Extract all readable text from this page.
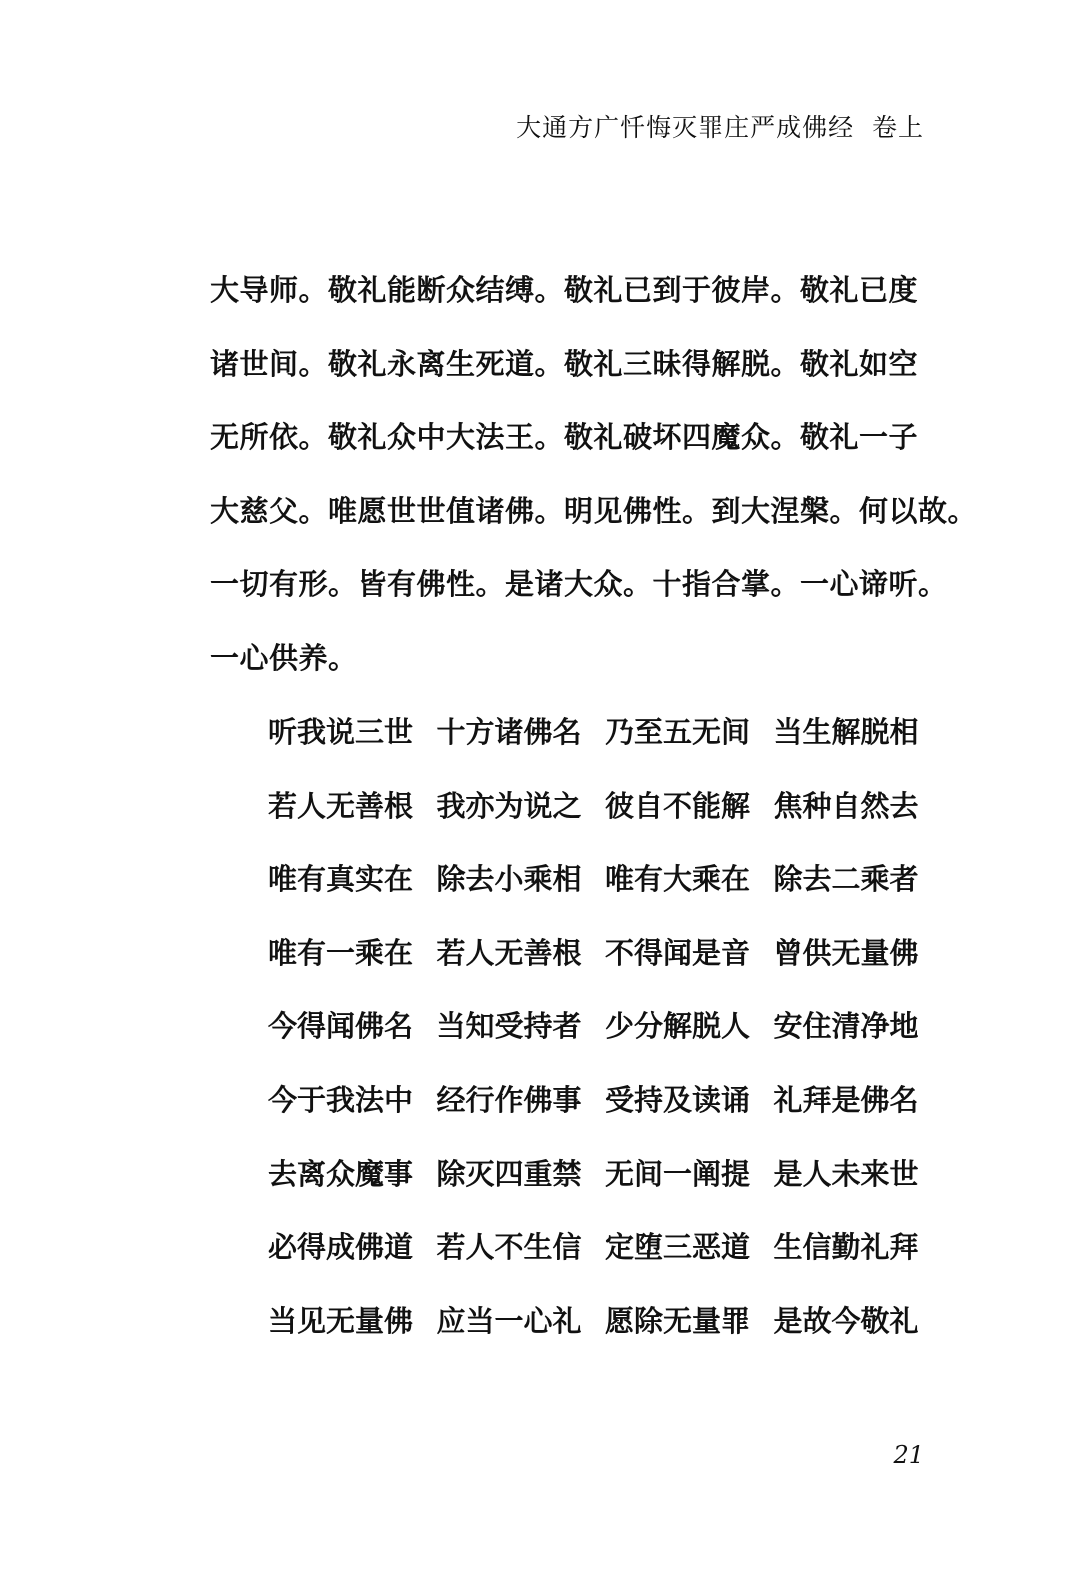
大通方广忏悔灭罪庄严成佛经 卷上
大导师。敬礼能断众结缚。敬礼已到于彼岸。敬礼已度
诸世间。敬礼永离生死道。敬礼三昧得解脱。敬礼如空
无所依。敬礼众中大法王。敬礼破坏四魔众。敬礼一子
大慈父。唯愿世世值诸佛。明见佛性。到大涅槃。何以故。
一切有形。皆有佛性。是诸大众。十指合掌。一心谛听。
一心供养。
听我说三世 十方诸佛名 乃至五无间 当生解脱相
若人无善根 我亦为说之 彼自不能解 焦种自然去
唯有真实在 除去小乘相 唯有大乘在 除去二乘者
唯有一乘在 若人无善根 不得闻是音 曾供无量佛
今得闻佛名 当知受持者 少分解脱人 安住清净地
今于我法中 经行作佛事 受持及读诵 礼拜是佛名
去离众魔事 除灭四重禁 无间一阐提 是人未来世
必得成佛道 若人不生信 定堕三恶道 生信勤礼拜
当见无量佛 应当一心礼 愿除无量罪 是故今敬礼
21
